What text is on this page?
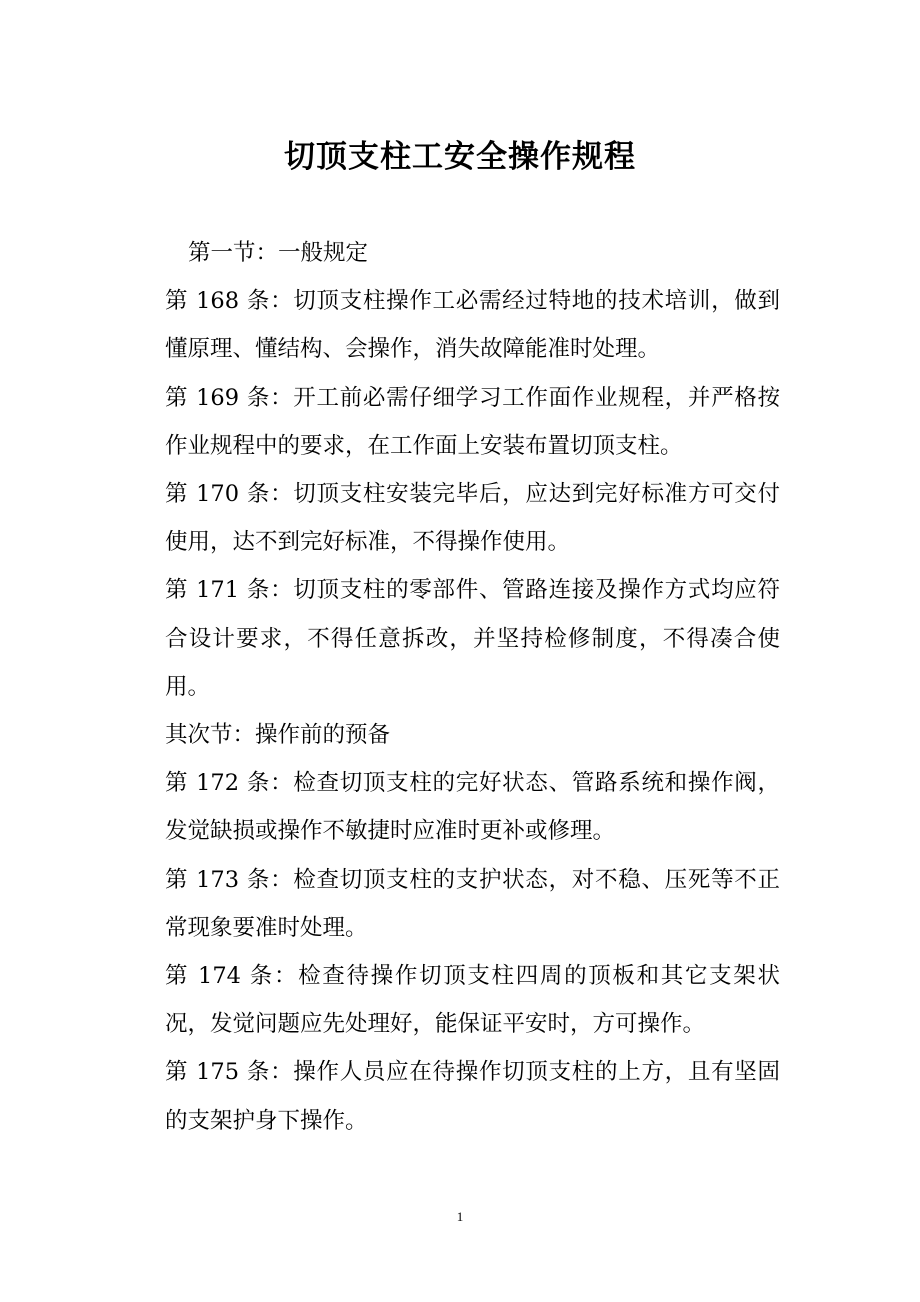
切顶支柱工安全操作规程

第一节：一般规定

第 168 条：切顶支柱操作工必需经过特地的技术培训，做到懂原理、懂结构、会操作，消失故障能准时处理。

第 169 条：开工前必需仔细学习工作面作业规程，并严格按作业规程中的要求，在工作面上安装布置切顶支柱。

第 170 条：切顶支柱安装完毕后，应达到完好标准方可交付使用，达不到完好标准，不得操作使用。

第 171 条：切顶支柱的零部件、管路连接及操作方式均应符合设计要求，不得任意拆改，并坚持检修制度，不得凑合使用。

其次节：操作前的预备

第 172 条：检查切顶支柱的完好状态、管路系统和操作阀，发觉缺损或操作不敏捷时应准时更补或修理。

第 173 条：检查切顶支柱的支护状态，对不稳、压死等不正常现象要准时处理。

第 174 条：检查待操作切顶支柱四周的顶板和其它支架状况，发觉问题应先处理好，能保证平安时，方可操作。

第 175 条：操作人员应在待操作切顶支柱的上方，且有坚固的支架护身下操作。

1
